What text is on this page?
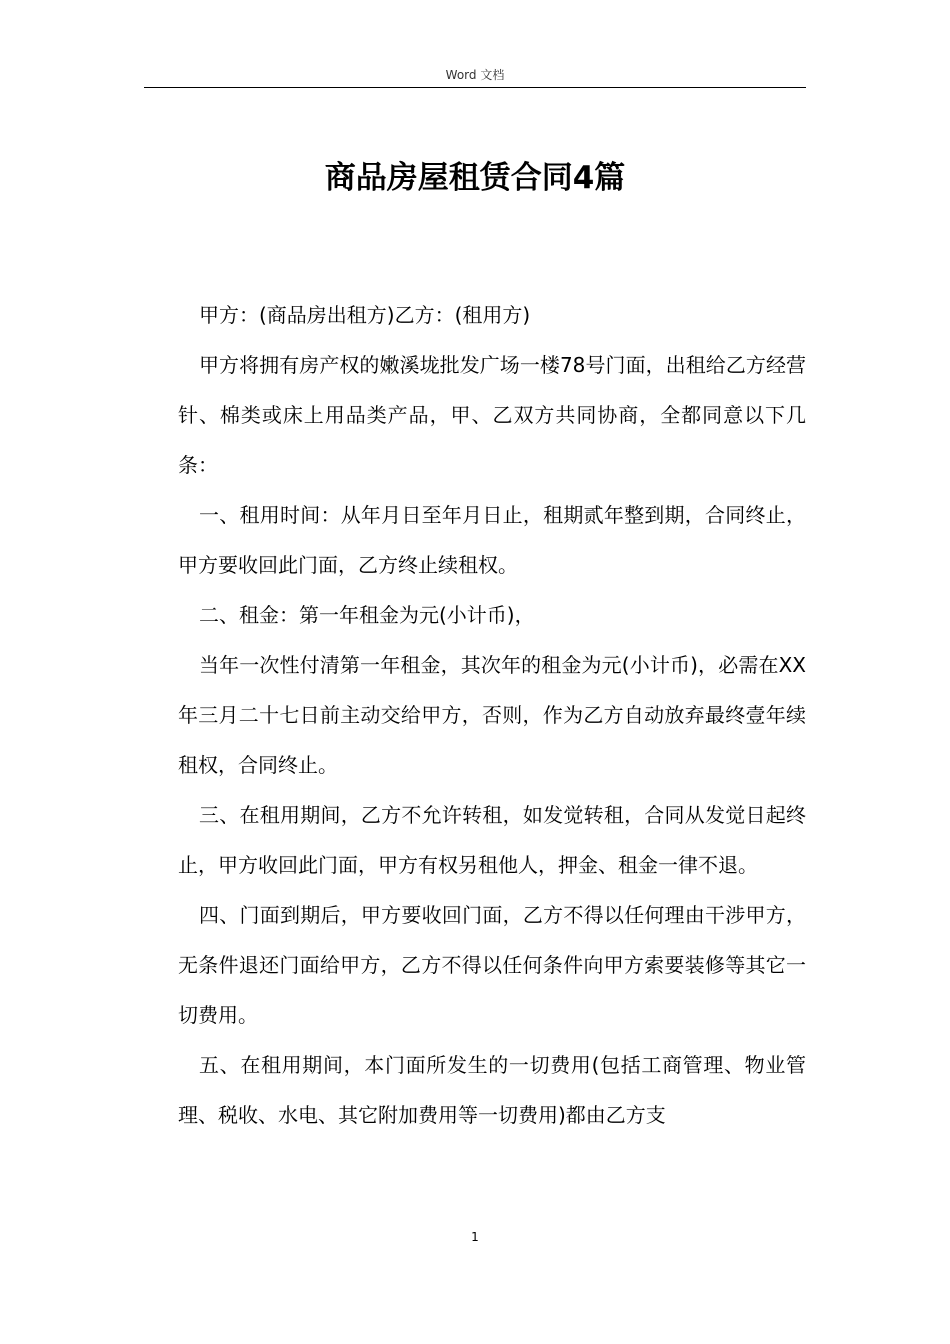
Word 文档
商品房屋租赁合同4篇

甲方：(商品房出租方)乙方：(租用方)

甲方将拥有房产权的嫩溪垅批发广场一楼78号门面，出租给乙方经营针、棉类或床上用品类产品，甲、乙双方共同协商，全都同意以下几条：

一、租用时间：从年月日至年月日止，租期贰年整到期，合同终止，甲方要收回此门面，乙方终止续租权。

二、租金：第一年租金为元(小计币)，

当年一次性付清第一年租金，其次年的租金为元(小计币)，必需在XX年三月二十七日前主动交给甲方，否则，作为乙方自动放弃最终壹年续租权，合同终止。

三、在租用期间，乙方不允许转租，如发觉转租，合同从发觉日起终止，甲方收回此门面，甲方有权另租他人，押金、租金一律不退。

四、门面到期后，甲方要收回门面，乙方不得以任何理由干涉甲方，无条件退还门面给甲方，乙方不得以任何条件向甲方索要装修等其它一切费用。

五、在租用期间，本门面所发生的一切费用(包括工商管理、物业管理、税收、水电、其它附加费用等一切费用)都由乙方支

1
